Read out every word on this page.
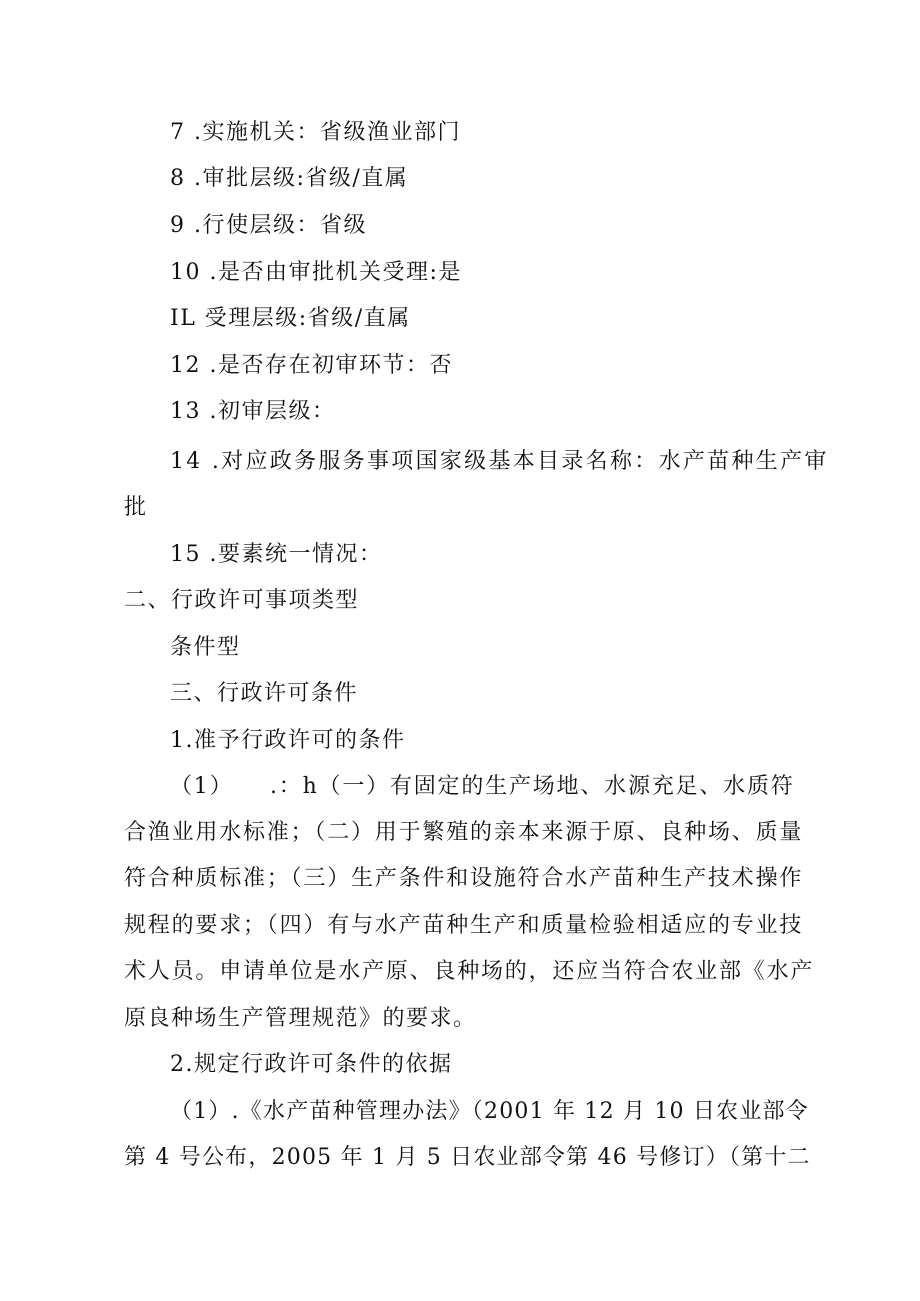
7 .实施机关：省级渔业部门
8 .审批层级:省级/直属
9 .行使层级：省级
10 .是否由审批机关受理:是
IL 受理层级:省级/直属
12 .是否存在初审环节：否
13 .初审层级：
14 .对应政务服务事项国家级基本目录名称：水产苗种生产审
批
15 .要素统一情况：
二、行政许可事项类型
条件型
三、行政许可条件
1.准予行政许可的条件
（1）　　.：h（一）有固定的生产场地、水源充足、水质符
合渔业用水标准；（二）用于繁殖的亲本来源于原、良种场、质量
符合种质标准；（三）生产条件和设施符合水产苗种生产技术操作
规程的要求；（四）有与水产苗种生产和质量检验相适应的专业技
术人员。申请单位是水产原、良种场的，还应当符合农业部《水产
原良种场生产管理规范》的要求。
2.规定行政许可条件的依据
（1）.《水产苗种管理办法》（2001 年 12 月 10 日农业部令
第 4 号公布，2005 年 1 月 5 日农业部令第 46 号修订）（第十二
